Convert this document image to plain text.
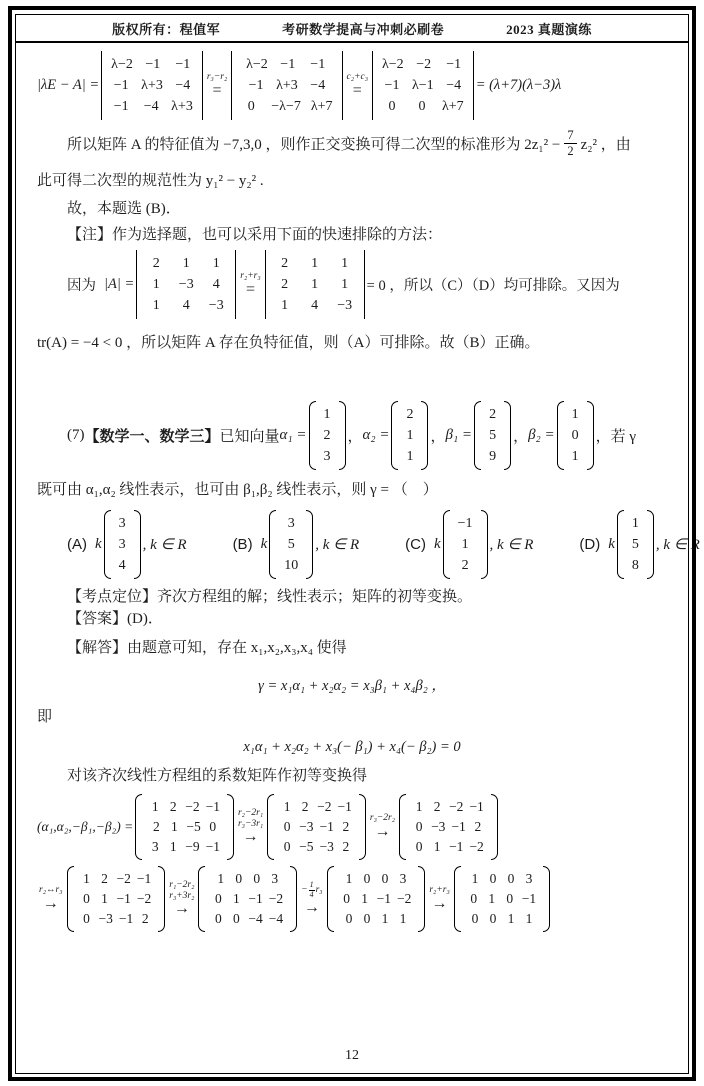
版权所有：程值军	考研数学提高与冲刺必刷卷	2023 真题演练
|λE − A| =
λ−2 −1	−1
−1 λ+3 −4
−1	−4 λ+3
r₃−r₂
=
λ−2 −1	−1
−1 λ+3 −4
0	−λ−7 λ+7
c₂+c₃
=
λ−2 −2	−1
−1 λ−1 −4
0	0	λ+7
= (λ+7)(λ−3)λ
所以矩阵 A 的特征值为 −7,3,0 ，则作正交变换可得二次型的标准形为 $2z_1^2 - \frac{7}{2} z_2^2$ ，由
此可得二次型的规范性为 y₁² − y₂² .
故，本题选 (B)．
【注】作为选择题，也可以采用下面的快速排除的方法：
因为 |A| =
2	1	1
1	−3	4
1	4	−3
r₂+r₃
=
2	1	1
2	1	1
1	4	−3
= 0 ，所以（C）（D）均可排除。又因为
tr(A) = −4 < 0 ，所以矩阵 A 存在负特征值，则（A）可排除。故（B）正确。
(7) 【数学一、数学三】 已知向量 α₁ =
1
2
3
， α₂ =
2
1
1
， β₁ =
2
5
9
， β₂ =
1
0
1
，若 γ
既可由 α₁,α₂ 线性表示，也可由 β₁,β₂ 线性表示，则 γ = （　）
(A) k
3
3
4
, k ∈ R	(B) k
3
5
10
, k ∈ R	(C) k
−1
1
2
, k ∈ R	(D) k
1
5
8
, k ∈ R
【考点定位】齐次方程组的解；线性表示；矩阵的初等变换。
【答案】(D)．
【解答】由题意可知，存在 x₁,x₂,x₃,x₄ 使得
γ = x₁α₁ + x₂α₂ = x₃β₁ + x₄β₂ ，
即
x₁α₁ + x₂α₂ + x₃(− β₁) + x₄(− β₂) = 0
对该齐次线性方程组的系数矩阵作初等变换得
(α₁,α₂,−β₁,−β₂) =
1 2 −2 −1
2 1 −5 0
3 1 −9 −1
r₂−2r₁
r₃−3r₁
→
1 2 −2 −1
0 −3 −1 2
0 −5 −3 2
r₃−2r₂
→
1 2 −2 −1
0 −3 −1 2
0 1 −1 −2
r₂↔r₃
→
1 2 −2 −1
0 1 −1 −2
0 −3 −1 2
r₁−2r₂
r₃+3r₂
→
1 0 0 3
0 1 −1 −2
0 0 −4 −4
− $\frac{1}{4} r_3$
→
1 0 0 3
0 1 −1 −2
0 0 1 1
r₂+r₃
→
1 0 0 3
0 1 0 −1
0 0 1 1
12
